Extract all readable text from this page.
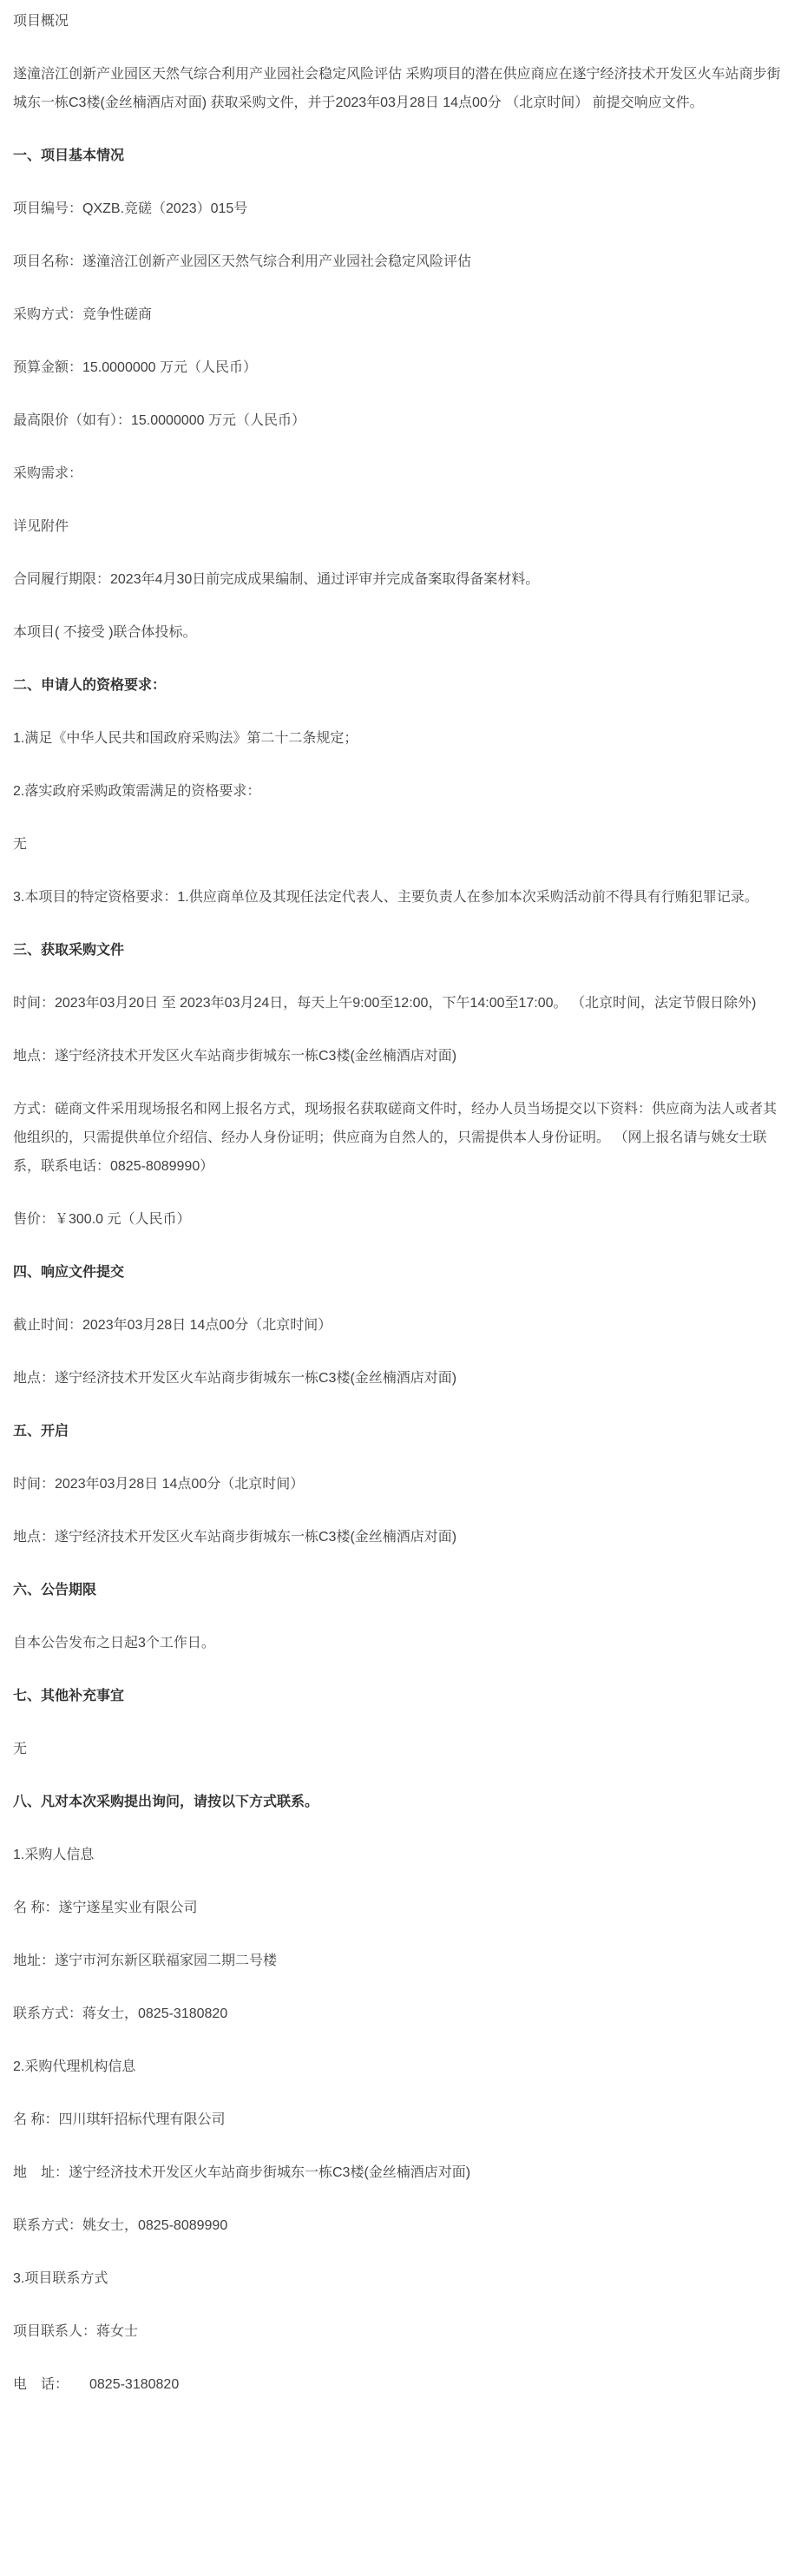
项目概况

遂潼涪江创新产业园区天然气综合利用产业园社会稳定风险评估 采购项目的潜在供应商应在遂宁经济技术开发区火车站商步街城东一栋C3楼(金丝楠酒店对面) 获取采购文件，并于2023年03月28日 14点00分 （北京时间） 前提交响应文件。

一、项目基本情况

项目编号：QXZB.竞磋（2023）015号

项目名称：遂潼涪江创新产业园区天然气综合利用产业园社会稳定风险评估

采购方式：竞争性磋商

预算金额：15.0000000 万元（人民币）

最高限价（如有）：15.0000000 万元（人民币）

采购需求：

详见附件

合同履行期限：2023年4月30日前完成成果编制、通过评审并完成备案取得备案材料。

本项目( 不接受 )联合体投标。

二、申请人的资格要求：

1.满足《中华人民共和国政府采购法》第二十二条规定；

2.落实政府采购政策需满足的资格要求：

无

3.本项目的特定资格要求：1.供应商单位及其现任法定代表人、主要负责人在参加本次采购活动前不得具有行贿犯罪记录。

三、获取采购文件

时间：2023年03月20日 至 2023年03月24日，每天上午9:00至12:00，下午14:00至17:00。 （北京时间，法定节假日除外)

地点：遂宁经济技术开发区火车站商步街城东一栋C3楼(金丝楠酒店对面)

方式：磋商文件采用现场报名和网上报名方式，现场报名获取磋商文件时，经办人员当场提交以下资料：供应商为法人或者其他组织的，只需提供单位介绍信、经办人身份证明；供应商为自然人的，只需提供本人身份证明。 （网上报名请与姚女士联系，联系电话：0825-8089990）

售价：￥300.0 元（人民币）

四、响应文件提交

截止时间：2023年03月28日 14点00分（北京时间）

地点：遂宁经济技术开发区火车站商步街城东一栋C3楼(金丝楠酒店对面)

五、开启

时间：2023年03月28日 14点00分（北京时间）

地点：遂宁经济技术开发区火车站商步街城东一栋C3楼(金丝楠酒店对面)

六、公告期限

自本公告发布之日起3个工作日。

七、其他补充事宜

无

八、凡对本次采购提出询问，请按以下方式联系。

1.采购人信息

名 称：遂宁遂星实业有限公司

地址：遂宁市河东新区联福家园二期二号楼

联系方式：蒋女士，0825-3180820

2.采购代理机构信息

名 称：四川琪轩招标代理有限公司

地　址：遂宁经济技术开发区火车站商步街城东一栋C3楼(金丝楠酒店对面)

联系方式：姚女士，0825-8089990

3.项目联系方式

项目联系人：蒋女士

电　话：　　0825-3180820
